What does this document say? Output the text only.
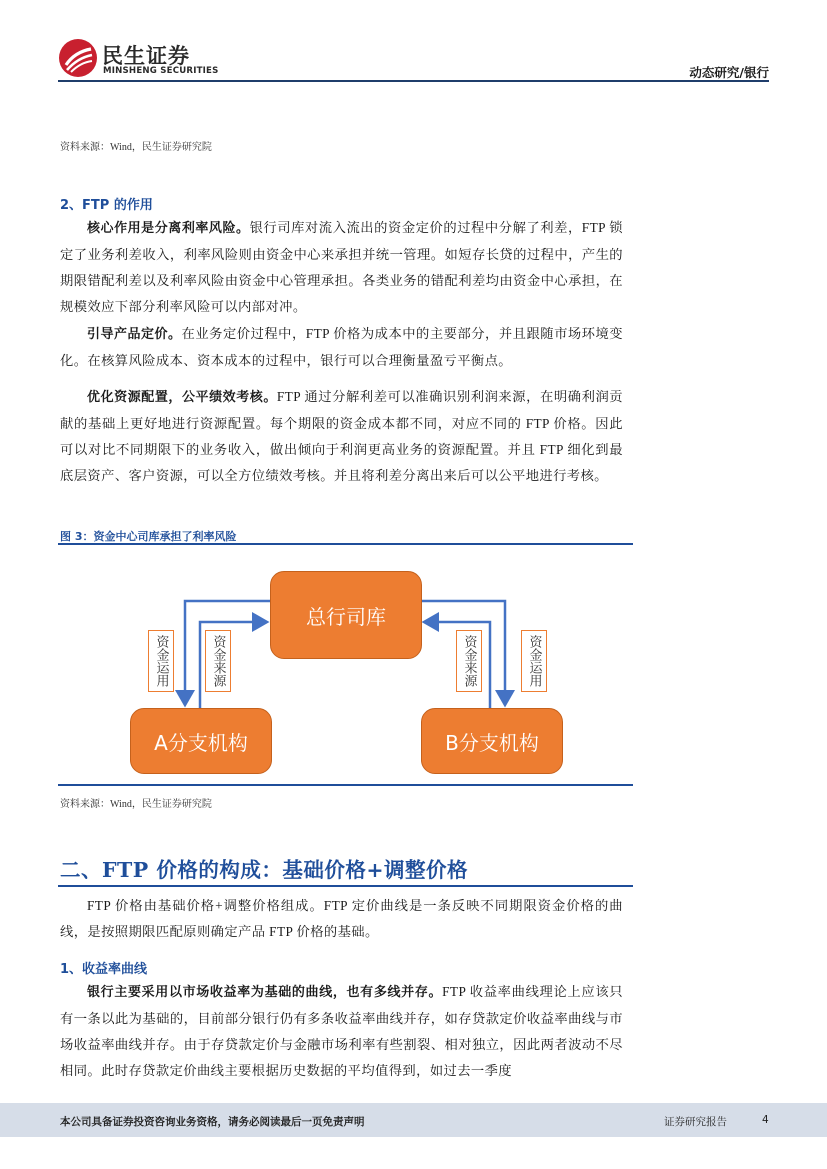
民生证券
MINSHENG SECURITIES	动态研究/银行
资料来源：Wind，民生证券研究院
2、FTP 的作用
核心作用是分离利率风险。银行司库对流入流出的资金定价的过程中分解了利差，FTP 锁定了业务利差收入，利率风险则由资金中心来承担并统一管理。如短存长贷的过程中，产生的期限错配利差以及利率风险由资金中心管理承担。各类业务的错配利差均由资金中心承担，在规模效应下部分利率风险可以内部对冲。
引导产品定价。在业务定价过程中，FTP 价格为成本中的主要部分，并且跟随市场环境变化。在核算风险成本、资本成本的过程中，银行可以合理衡量盈亏平衡点。
优化资源配置，公平绩效考核。FTP 通过分解利差可以准确识别利润来源，在明确利润贡献的基础上更好地进行资源配置。每个期限的资金成本都不同，对应不同的 FTP 价格。因此可以对比不同期限下的业务收入，做出倾向于利润更高业务的资源配置。并且 FTP 细化到最底层资产、客户资源，可以全方位绩效考核。并且将利差分离出来后可以公平地进行考核。
图 3：资金中心司库承担了利率风险
总行司库
A分支机构	B分支机构
资金运用	资金来源	资金来源	资金运用
资料来源：Wind，民生证券研究院
二、FTP 价格的构成：基础价格+调整价格
FTP 价格由基础价格+调整价格组成。FTP 定价曲线是一条反映不同期限资金价格的曲线，是按照期限匹配原则确定产品 FTP 价格的基础。
1、收益率曲线
银行主要采用以市场收益率为基础的曲线，也有多线并存。FTP 收益率曲线理论上应该只有一条以此为基础的，目前部分银行仍有多条收益率曲线并存，如存贷款定价收益率曲线与市场收益率曲线并存。由于存贷款定价与金融市场利率有些割裂、相对独立，因此两者波动不尽相同。此时存贷款定价曲线主要根据历史数据的平均值得到，如过去一季度
本公司具备证券投资咨询业务资格，请务必阅读最后一页免责声明	证券研究报告	4
